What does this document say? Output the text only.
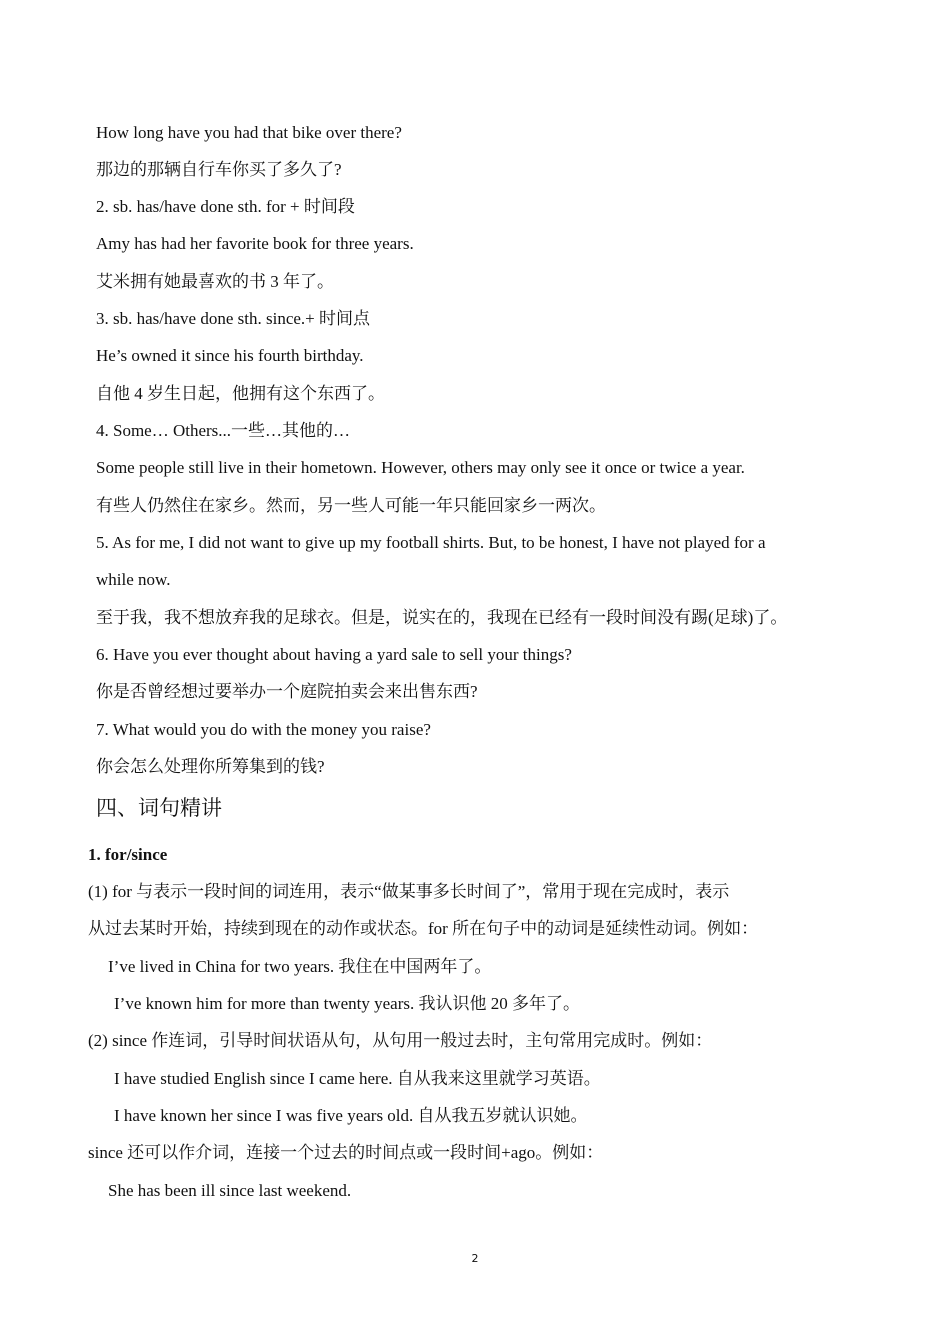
How long have you had that bike over there?
那边的那辆自行车你买了多久了?
2. sb. has/have done sth. for + 时间段
Amy has had her favorite book for three years.
艾米拥有她最喜欢的书 3 年了。
3. sb. has/have done sth. since.+ 时间点
He’s owned it since his fourth birthday.
自他 4 岁生日起，他拥有这个东西了。
4. Some… Others...一些…其他的…
Some people still live in their hometown. However, others may only see it once or twice a year.
有些人仍然住在家乡。然而，另一些人可能一年只能回家乡一两次。
5. As for me, I did not want to give up my football shirts. But, to be honest, I have not played for a
while now.
至于我，我不想放弃我的足球衣。但是，说实在的，我现在已经有一段时间没有踢(足球)了。
6. Have you ever thought about having a yard sale to sell your things?
你是否曾经想过要举办一个庭院拍卖会来出售东西?
7. What would you do with the money you raise?
你会怎么处理你所筹集到的钱?
四、词句精讲
1. for/since
(1) for 与表示一段时间的词连用，表示“做某事多长时间了”，常用于现在完成时，表示
从过去某时开始，持续到现在的动作或状态。for 所在句子中的动词是延续性动词。例如：
I’ve lived in China for two years. 我住在中国两年了。
I’ve known him for more than twenty years. 我认识他 20 多年了。
(2) since 作连词，引导时间状语从句，从句用一般过去时，主句常用完成时。例如：
I have studied English since I came here. 自从我来这里就学习英语。
I have known her since I was five years old. 自从我五岁就认识她。
since 还可以作介词，连接一个过去的时间点或一段时间+ago。例如：
She has been ill since last weekend.
2
